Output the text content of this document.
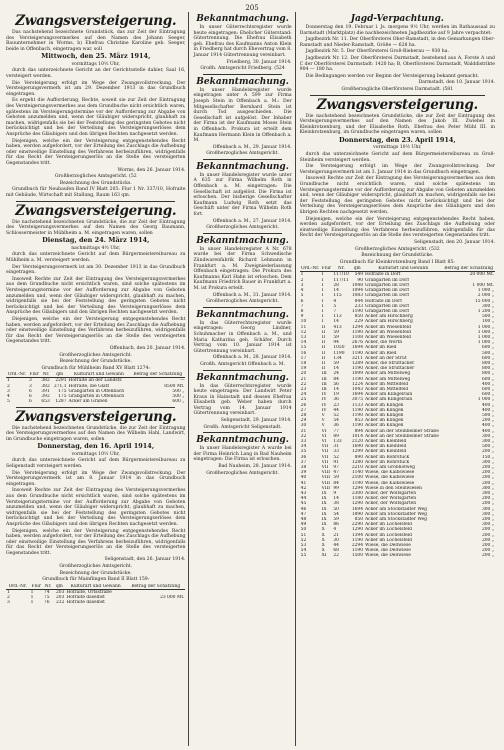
205
Zwangsversteigerung.

Das nachstehend bezeichnete Grundstück, das zur Zeit der Eintragung des Versteigerungsvermerkes auf den Namen des Johann Seeger, Bauunternehmer in Worms, b) Ehefrau Christine Karoline geb. Seeger, beide in Offenbach, eingetragen war, soll

Mittwoch, den 25. März 1914,
vormittags 10½ Uhr,

durch das unterzeichnete Gericht an der Gerichtsstelle dahier, Saal 16, versteigert werden.

Die Versteigerung erfolgt im Wege der Zwangsvollstreckung. Der Versteigerungsvermerk ist am 29. Dezember 1913 in das Grundbuch eingetragen.

Es ergeht die Aufforderung, Rechte, soweit sie zur Zeit der Eintragung des Versteigerungsvermerkes aus dem Grundbuche nicht ersichtlich waren, spätestens im Versteigerungstermine vor der Aufforderung zur Abgabe von Geboten anzumelden und, wenn der Gläubiger widerspricht, glaubhaft zu machen, widrigenfalls sie bei der Feststellung des geringsten Gebotes nicht berücksichtigt und bei der Verteilung des Versteigerungserlöses dem Ansprüche des Gläubigers und den übrigen Rechten nachgesetzt werden.

Diejenigen, welche ein der Versteigerung entgegenstehendes Recht haben, werden aufgefordert, vor der Erteilung des Zuschlags die Aufhebung oder einstweilige Einstellung des Verfahrens herbeizuführen, widrigenfalls für das Recht der Versteigerungserlös an die Stelle des versteigerten Gegenstandes tritt.

Worms, den 26. Januar 1914.
Großherzogliches Amtsgericht. (52
Bezeichnung des Grundstücks.

Grundbuch für Neubaufen Band IV Blatt 205: Flur 1 Nr. 337/10, Hofraite mit Gebäude, Wirtschaft mit Stallung, Raum 163 qm.

Zwangsversteigerung.

Die nachstehend bezeichneten Grundstücke, die zur Zeit der Eintragung des Versteigerungsvermerkes auf den Namen des Georg Baumann, Schlossermeister in Mühlheim a. M. eingetragen waren, sollen

Dienstag, den 24. März 1914,
nachmittags 4½ Uhr,

durch das unterzeichnete Gericht auf dem Bürgermeistereibureau zu Mühlheim a. M. versteigert werden.

Der Versteigerungsvermerk ist am 30. Dezember 1913 in das Grundbuch eingetragen.

Insoweit Rechte zur Zeit der Eintragung des Versteigerungsvermerkes aus dem Grundbuche nicht ersichtlich waren, sind solche spätestens im Versteigerungstermine vor der Aufforderung zur Abgabe von Geboten anzumelden und, wenn der Gläubiger widerspricht, glaubhaft zu machen, widrigenfalls sie bei der Feststellung des geringsten Gebotes nicht berücksichtigt und bei der Verteilung des Versteigerungserlöses dem Ansprüche des Gläubigers und den übrigen Rechten nachgesetzt werden.

Diejenigen, welche ein der Versteigerung entgegenstehendes Recht haben, werden aufgefordert, vor der Erteilung des Zuschlags die Aufhebung oder einstweilige Einstellung des Verfahrens herbeizuführen, widrigenfalls für das Recht der Versteigerungserlös an die Stelle des versteigerten Gegenstandes tritt.

Offenbach, den 20. Januar 1914.
Großherzogliches Amtsgericht.
Bezeichnung der Grundstücke.
Grundbuch für Mühlheim Band XV Blatt 1274:
Ord.-Nr.	Flur	Nr.	qm	Kulturart und Gewann	Betrag der Schätzung
1	3	382	2291	Hofraite an der Landstr.	—
2	3	382	271,1	Hofraite, die Glatt	8500 Mt.
3	6	391	175	Grabgarten in Offenbach	500 „
4	6	392	175	Grabgarten in Offenbach	500 „
5	6	653	1287	Acker am Graben	600 „
Zwangsversteigerung.

Die nachstehend bezeichneten Grundstücke, die zur Zeit der Eintragung des Versteigerungsvermerkes auf den Namen des Wilhelm Hahl, Landwirt, im Grundbuche eingetragen waren, sollen

Donnerstag, den 16. April 1914,
vormittags 10½ Uhr,

durch das unterzeichnete Gericht auf dem Bürgermeistereibureau zu Seligenstadt versteigert werden.

Die Versteigerung erfolgt im Wege der Zwangsvollstreckung. Der Versteigerungsvermerk ist am 8. Januar 1914 in das Grundbuch eingetragen.

Insoweit Rechte zur Zeit der Eintragung des Versteigerungsvermerkes aus dem Grundbuche nicht ersichtlich waren, sind solche spätestens im Versteigerungstermine vor der Aufforderung zur Abgabe von Geboten anzumelden und, wenn der Gläubiger widerspricht, glaubhaft zu machen, widrigenfalls sie bei der Feststellung des geringsten Gebotes nicht berücksichtigt und bei der Verteilung des Versteigerungserlöses dem Ansprüche des Gläubigers und den übrigen Rechten nachgesetzt werden.

Diejenigen, welche ein der Versteigerung entgegenstehendes Recht haben, werden aufgefordert, vor der Erteilung des Zuschlags die Aufhebung oder einstweilige Einstellung des Verfahrens herbeizuführen, widrigenfalls für das Recht der Versteigerungserlös an die Stelle des versteigerten Gegenstandes tritt.

Seligenstadt, den 26. Januar 1914.
Großherzogliches Amtsgericht.
Bezeichnung der Grundstücke.
Grundbuch für Mainflingen Band II Blatt 159:
Ord.-Nr.	Flur	Nr.	qm	Kulturart und Gewann	Betrag der Schätzung
1	1	74	203	Hofraite, Ortsstraße	
2	1	75	203	Hofraite daselbst	23 000 Mt.
3	1	76	232	Hofraite daselbst	
Bekanntmachung.

In unser Güterrechtsregister wurde heute eingetragen: Ehelicher Güterstand: Gütertrennung. Die Ehefrau Elisabeth geb. Ehefrau des Kaufmanns Anton Klein in Friedberg hat durch Ehevertrag vom 8. Januar 1914 Gütertrennung vereinbart.

Friedberg, 30. Januar 1914.
Großh. Amtsgericht Friedberg. (524
Bekanntmachung.

In unser Handelsregister wurde eingetragen unter A 599 zur Firma Joseph Stein in Offenbach a. M.: Der Mitgesellschafter Bernhard Stein ist durch Tod ausgeschieden. Die Gesellschaft ist aufgelöst. Der Inhaber der Firma ist der Kaufmann Moses Stein in Offenbach. Prokura ist erteilt dem Kaufmann Hermann Klein in Offenbach a. M.

Offenbach a. M., 29. Januar 1914.
Großherzogliches Amtsgericht.
Bekanntmachung.

In unser Handelsregister wurde unter A 635 zur Firma Wilhelm Roth in Offenbach a. M. eingetragen: Die Gesellschaft ist aufgelöst. Die Firma ist erloschen. Der bisherige Gesellschafter Kaufmann Ludwig Roth setzt das Geschäft unter der Firma Wilhelm Roth fort.

Offenbach a. M., 27. Januar 1914.
Großherzogliches Amtsgericht.
Bekanntmachung.

In unser Handelsregister A Nr. 678 wurde bei der Firma Schwedische Zündwarenfabrik Richard Lehmann in Frankfurt a. M. Zweigniederlassung Offenbach eingetragen: Die Prokura des Kaufmanns Karl Hahn ist erloschen. Dem Kaufmann Friedrich Bauer in Frankfurt a. M. ist Prokura erteilt.

Offenbach a. M., 31. Januar 1914.
Großherzogliches Amtsgericht.
Bekanntmachung.

In das Güterrechtsregister wurde eingetragen: Georg Lindner, Schuhmacher in Offenbach a. M., und Maria Katharina geb. Schäfer. Durch Vertrag vom 10. Januar 1914 ist Gütertrennung vereinbart.

Offenbach a. M., 28. Januar 1914.
Großh. Amtsgericht Offenbach a. M.
Bekanntmachung.

In das Güterrechtsregister wurde heute eingetragen: Der Landwirt Peter Kraus in Hainstadt und dessen Ehefrau Elisabeth geb. Weber haben durch Vertrag vom 14. Januar 1914 Gütertrennung vereinbart.

Seligenstadt, 29. Januar 1914.
Großh. Amtsgericht Seligenstadt.
Bekanntmachung.

In unser Handelsregister A wurde bei der Firma Heinrich Lang in Bad Nauheim eingetragen: Die Firma ist erloschen.

Bad Nauheim, 28. Januar 1914.
Großherzogliches Amtsgericht.
Jagd-Verpachtung.

Donnerstag den 19. Februar l. Js. morgens 9½ Uhr, werden im Rathaussaal zu Darmstadt (Marktplatz) die nachbezeichneten Jagdbezirke auf 9 Jahre verpachtet:

Jagdbezirk Nr. 11. Der Oberförsterei Ober-Ramstadt, in den Gemarkungen Ober-Ramstadt und Nieder-Ramstadt, Größe — 628 ha.

Jagdbezirk Nr. 5. Der Oberförsterei Groß-Bieberau — 930 ha.

Jagdbezirk Nr. 12. Der Oberförsterei Darmstadt, bestehend aus A, Forste A und C der Oberförsterei Darmstadt: 1420 ha; B, Oberförsterei Darmstadt, Walddistrikte 904 — 180 ha.

Die Bedingungen werden vor Beginn der Versteigerung bekannt gemacht.

Darmstadt, den 10. Januar 1914.
Großherzogliche Oberförsterei Darmstadt. (581
Zwangsversteigerung.

Die nachstehend bezeichneten Grundstücke, die zur Zeit der Eintragung des Versteigerungsvermerkes auf den Namen des Jakob III. Zwiebel in Kleinkrotzenburg, und der Elisabethe Roth, Ehefrau des Peter Mühl III. in Kleinkrotzenburg, im Grundbuche eingetragen waren, sollen

Donnerstag, den 23. April 1914,
vormittags 10½ Uhr,

durch das unterzeichnete Gericht auf dem Bürgermeistereibureau zu Groß-Steinheim versteigert werden.

Die Versteigerung erfolgt im Wege der Zwangsvollstreckung. Der Versteigerungsvermerk ist am 3. Januar 1914 in das Grundbuch eingetragen.

Insoweit Rechte zur Zeit der Eintragung des Versteigerungsvermerkes aus dem Grundbuche nicht ersichtlich waren, sind solche spätestens im Versteigerungstermine vor der Aufforderung zur Abgabe von Geboten anzumelden und, wenn der Gläubiger widerspricht, glaubhaft zu machen, widrigenfalls sie bei der Feststellung des geringsten Gebotes nicht berücksichtigt und bei der Verteilung des Versteigerungserlöses dem Ansprüche des Gläubigers und den übrigen Rechten nachgesetzt werden.

Diejenigen, welche ein der Versteigerung entgegenstehendes Recht haben, werden aufgefordert, vor der Erteilung des Zuschlags die Aufhebung oder einstweilige Einstellung des Verfahrens herbeizuführen, widrigenfalls für das Recht der Versteigerungserlös an die Stelle des versteigerten Gegenstandes tritt.

Seligenstadt, den 20. Januar 1914.
Großherzogliches Amtsgericht. (532
Bezeichnung der Grundstücke.
Grundbuch für Kleinkrotzenburg Band I Blatt 85:
Ord.-Nr.	Flur	Nr.	qm	Kulturart und Gewann	Betrag der Schätzung
1	I	117/10	549	Hofraite in Dorf	20 000 Mt.
2	I	117/11	90	Grabgarten im Dorf	
3	I	28	1048	Grabgarten im Dorf	1 000 Mt.
4	I	14	1094	Grabgarten im Dorf	1 000 „
5	I	115	1083	Grabgarten im Dorf	2 000 „
6	I	4	844	Hofraite im Dorf	15 000 „
7	I	5	233	Grabgarten im Dorf	300 „
8	I	7	1190	Grabgarten im Dorf	1 200 „
9	I	113	850	Acker am Hirschberg	500 „
10	I	14	229	Acker am Hirschberg	100 „
11	II	413	1294	Acker im Wiesenfeld	1 000 „
12	II	59	1190	Acker im Wiesenfeld	1 000 „
13	II	59	1108	Acker im Wiesenfeld	1 000 „
14	II	94	2676	Acker, die Wörth	1 000 „
15	II	1050	1694	Acker im Ried	600 „
16	II	1190	1190	Acker im Ried	500 „
17	II	134	3211	Acker an der Strut	600 „
18	II	59	1289	Acker, die Struttäcker	800 „
19	II	14	1190	Acker, die Struttäcker	800 „
20	III	24	1099	Acker am Mittelweg	800 „
21	III	84	1190	Acker am Mittelweg	600 „
22	III	56	1224	Acker im Mittelfeld	400 „
23	III	14	1043	Acker im Mittelfeld	600 „
24	IV	19	1694	Acker am Klingelrain	600 „
25	IV	36	3075	Acker am Klingelrain	1 000 „
26	IV	23	1133	Acker im Klingen	400 „
27	IV	44	1190	Acker im Klingen	400 „
28	V	52	1190	Acker im Klingen	500 „
29	V	54	853	Acker im Klingen	200 „
30	V	36	1190	Acker im Klingen	400 „
31	VI	77	894	Acker an der Steinheimer Straße	400 „
32	VI	89	1014	Acker an der Steinheimer Straße	300 „
33	VI	133	2120	Acker im Kleinfeld	300 „
34	VII	31	1690	Acker im Kleinfeld	500 „
35	VII	33	1299	Acker im Kleinfeld	200 „
36	VII	52	890	Acker im Rohrstück	150 „
37	VII	91	1280	Acker im Rohrstück	300 „
38	VII	97	2210	Acker am Grobhofweg	200 „
39	VIII	47	1140	Wiese, die Kalbswiese	200 „
40	VIII	59	2100	Wiese, die Kalbswiese	200 „
41	VIII	84	1190	Wiese, die Kalbswiese	200 „
42	VIII	99	1294	Wiese in den Steinwiesen	300 „
43	IX	9	2300	Acker, der Wolfsgarten	300 „
44	IX	14	1180	Acker, der Wolfsgarten	200 „
45	IX	38	1290	Acker, der Wolfsgarten	200 „
46	IX	50	1694	Acker am Stockstädter Weg	300 „
47	IX	54	1890	Acker am Stockstädter Weg	300 „
48	IX	59	850	Acker am Stockstädter Weg	200 „
49	IX	86	2290	Acker im Löchelsfeld	300 „
50	X	4	1290	Acker im Löchelsfeld	200 „
51	X	21	1394	Acker im Löchelsfeld	200 „
52	X	30	1190	Acker im Löchelsfeld	200 „
53	X	44	2294	Wiese, die Dellwiese	200 „
54	X	68	1190	Wiese, die Dellwiese	200 „
55	XI	22	1500	Wiese, die Dellwiese	200 „
